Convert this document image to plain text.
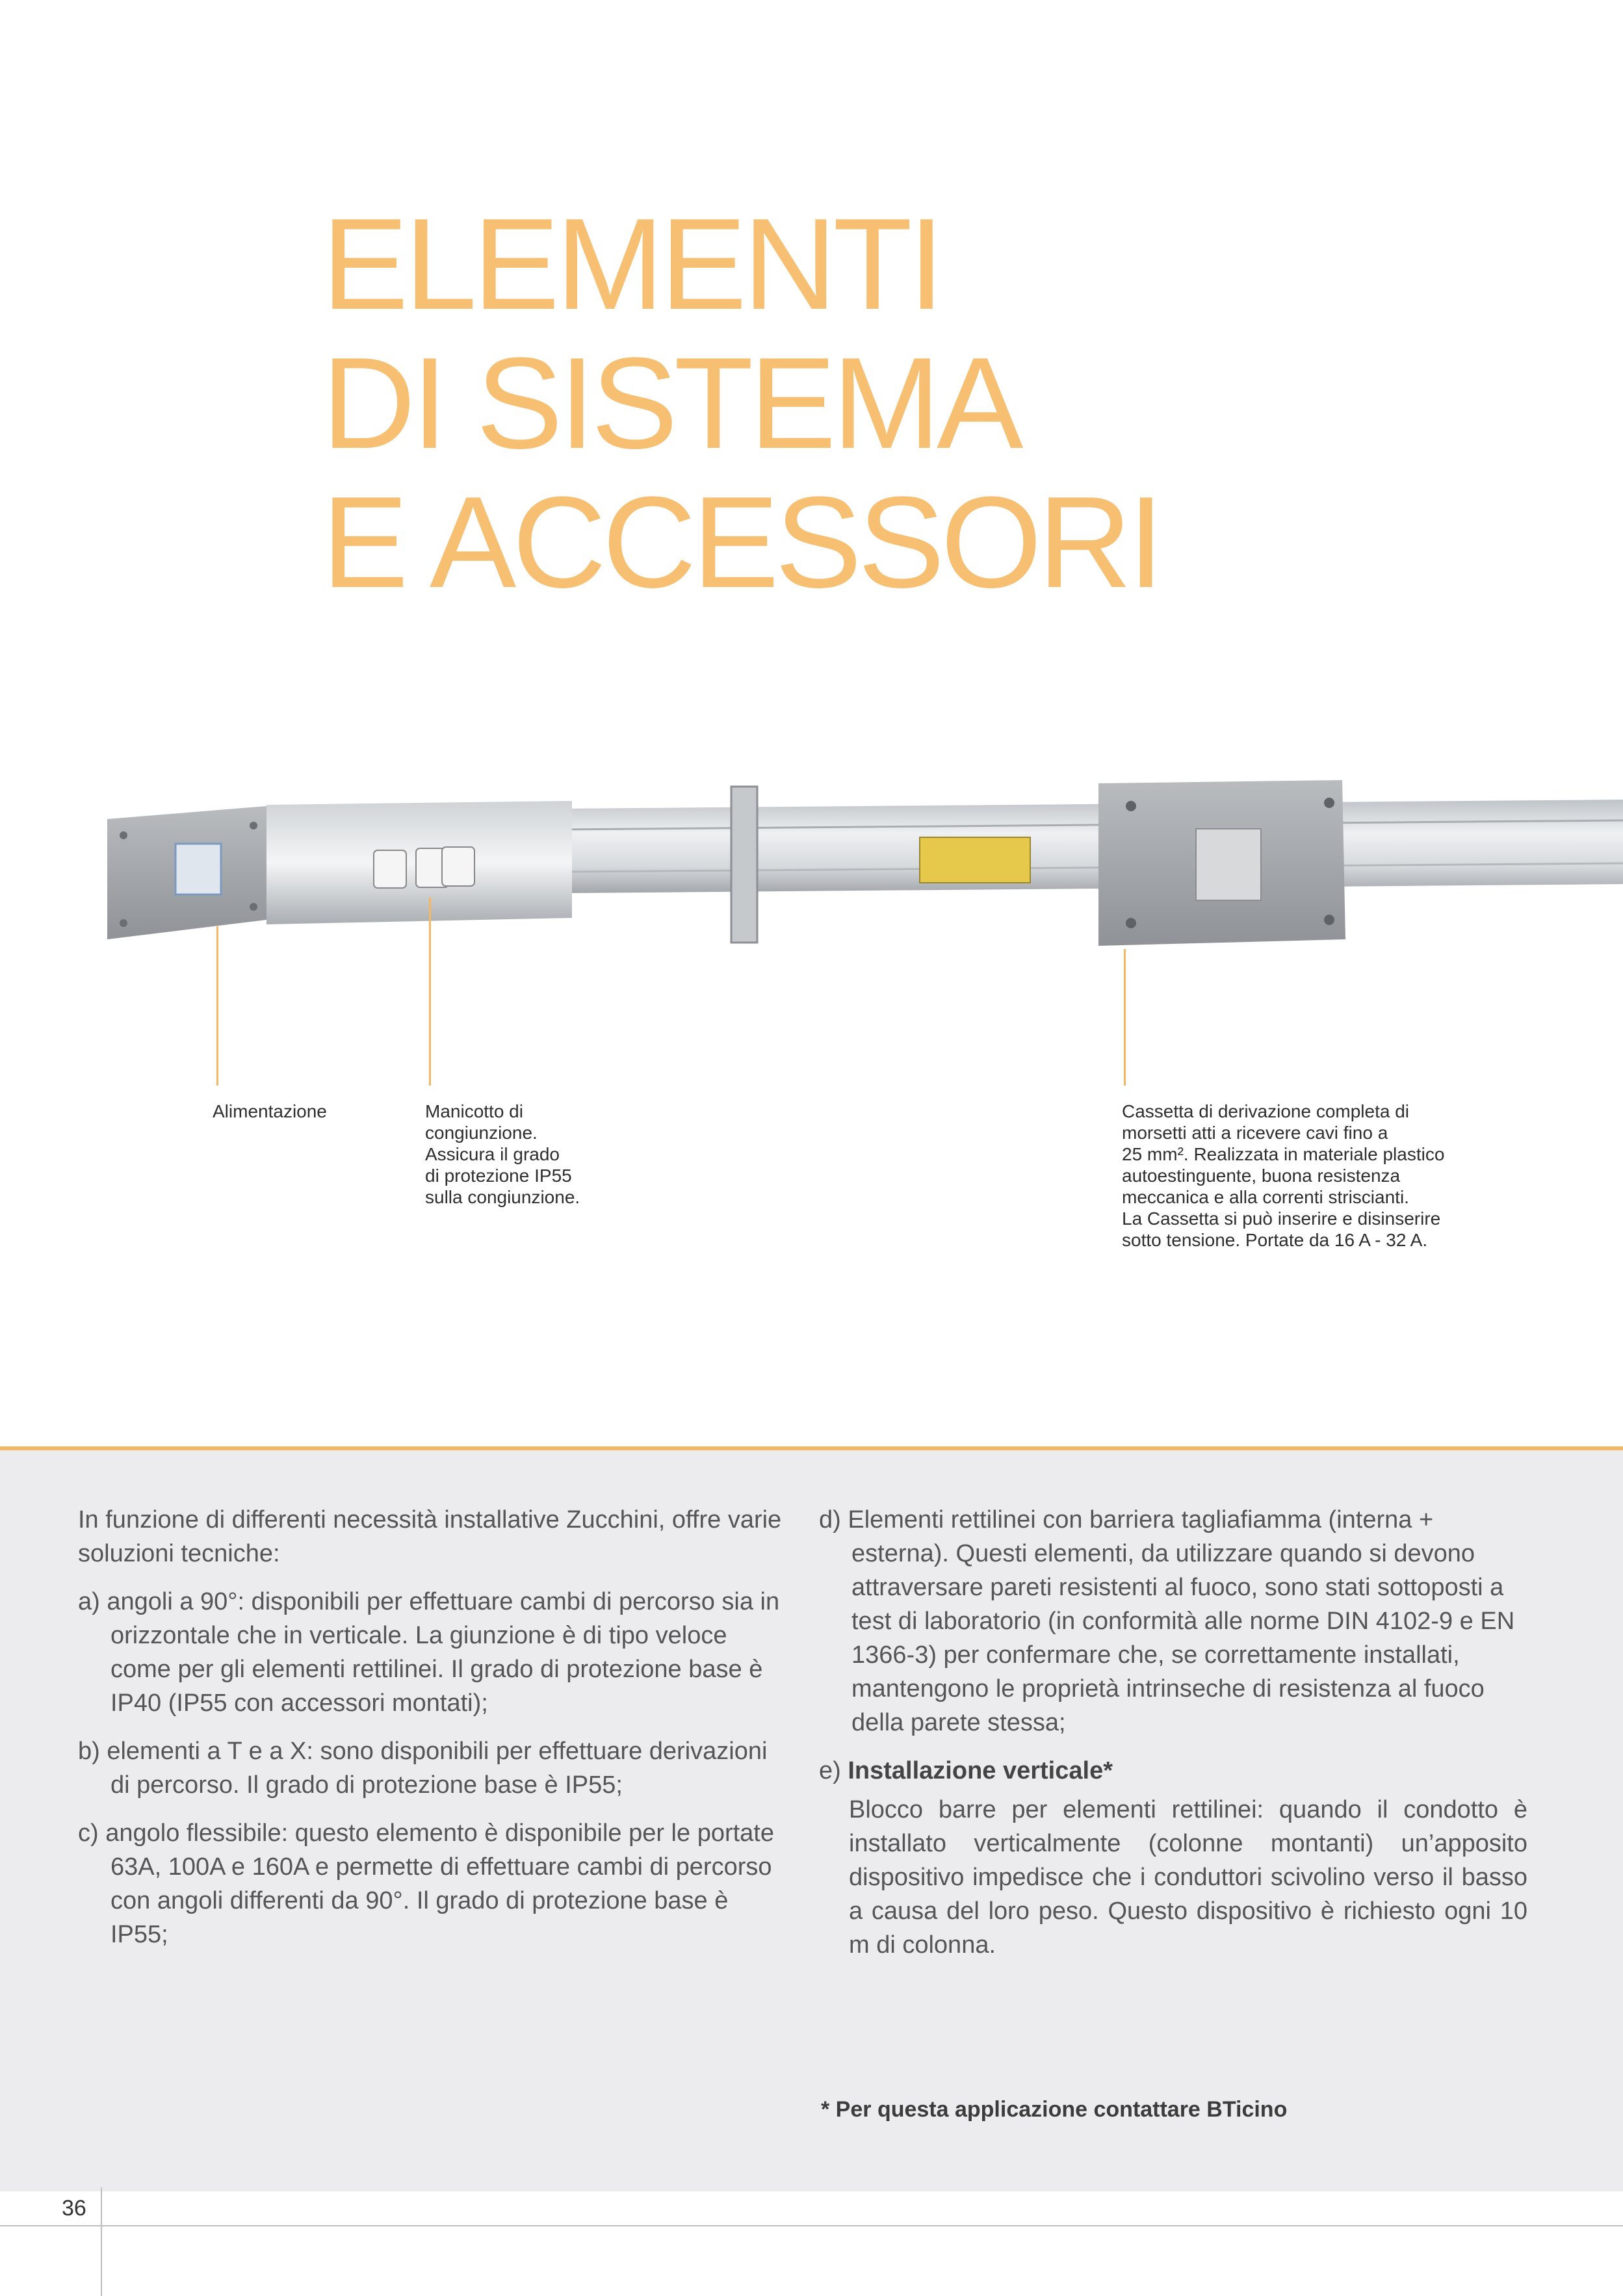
ELEMENTI
DI SISTEMA
E ACCESSORI
Alimentazione	Manicotto di
congiunzione.
Assicura il grado
di protezione IP55
sulla congiunzione.
Cassetta di derivazione completa di
morsetti atti a ricevere cavi fino a
25 mm². Realizzata in materiale plastico
autoestinguente, buona resistenza
meccanica e alla correnti striscianti.
La Cassetta si può inserire e disinserire
sotto tensione. Portate da 16 A - 32 A.

In funzione di differenti necessità installative Zucchini, offre varie soluzioni tecniche:

a) angoli a 90°: disponibili per effettuare cambi di percorso sia in orizzontale che in verticale. La giunzione è di tipo veloce come per gli elementi rettilinei. Il grado di protezione base è IP40 (IP55 con accessori montati);

b) elementi a T e a X: sono disponibili per effettuare derivazioni di percorso. Il grado di protezione base è IP55;

c) angolo flessibile: questo elemento è disponibile per le portate 63A, 100A e 160A e permette di effettuare cambi di percorso con angoli differenti da 90°. Il grado di protezione base è IP55;

d) Elementi rettilinei con barriera tagliafiamma (interna + esterna). Questi elementi, da utilizzare quando si devono attraversare pareti resistenti al fuoco, sono stati sottoposti a test di laboratorio (in conformità alle norme DIN 4102-9 e EN 1366-3) per confermare che, se correttamente installati, mantengono le proprietà intrinseche di resistenza al fuoco della parete stessa;

e) Installazione verticale*

Blocco barre per elementi rettilinei: quando il condotto è installato verticalmente (colonne montanti) un’apposito dispositivo impedisce che i conduttori scivolino verso il basso a causa del loro peso. Questo dispositivo è richiesto ogni 10 m di colonna.

* Per questa applicazione contattare BTicino
36
